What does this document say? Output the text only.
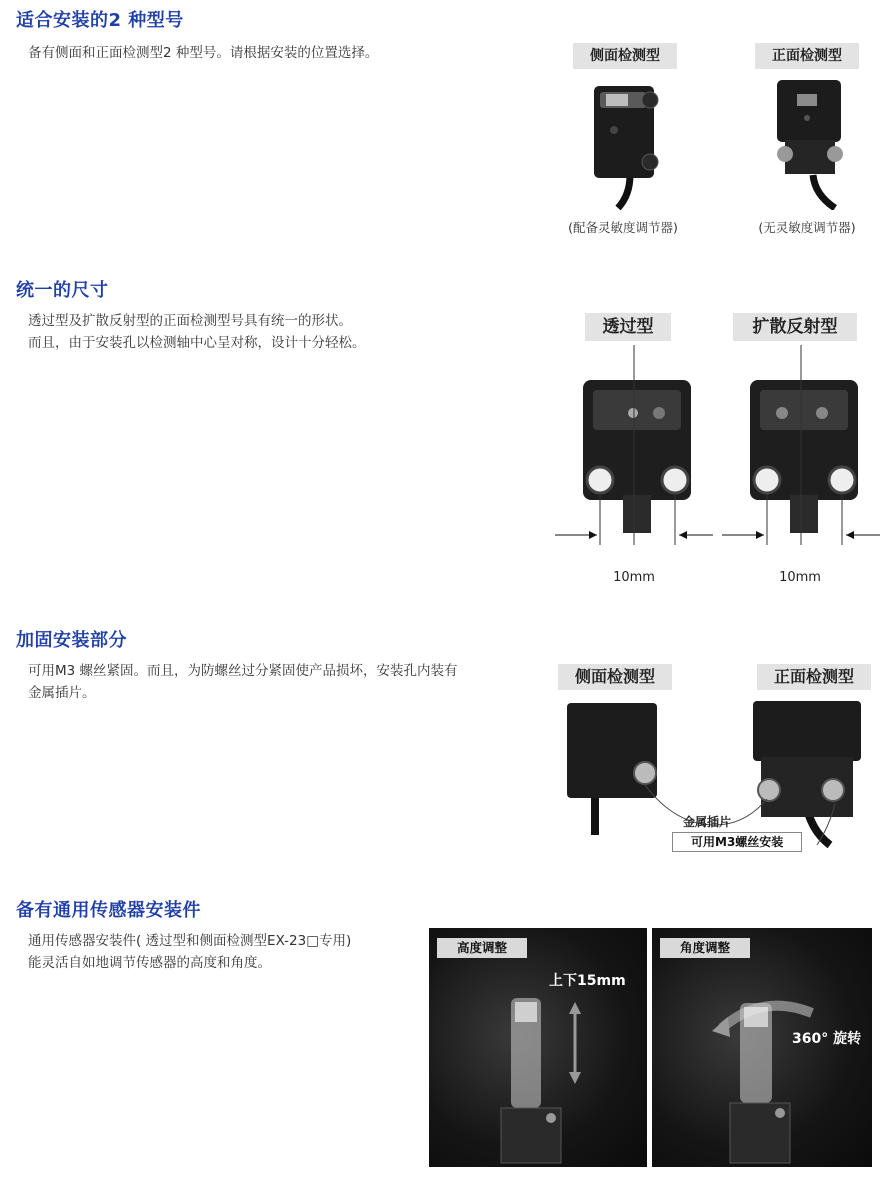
适合安装的2 种型号
备有侧面和正面检测型2 种型号。请根据安装的位置选择。	侧面检测型	正面检测型
(配备灵敏度调节器)	(无灵敏度调节器)
统一的尺寸
透过型及扩散反射型的正面检测型号具有统一的形状。
而且，由于安装孔以检测轴中心呈对称，设计十分轻松。
透过型	扩散反射型
10mm	10mm
加固安装部分
可用M3 螺丝紧固。而且，为防螺丝过分紧固使产品损坏，安装孔内装有
金属插片。
侧面检测型	正面检测型
金属插片
可用M3螺丝安装
备有通用传感器安装件
通用传感器安装件( 透过型和侧面检测型EX-23□专用)
能灵活自如地调节传感器的高度和角度。
高度调整
上下15mm
角度调整
360° 旋转
